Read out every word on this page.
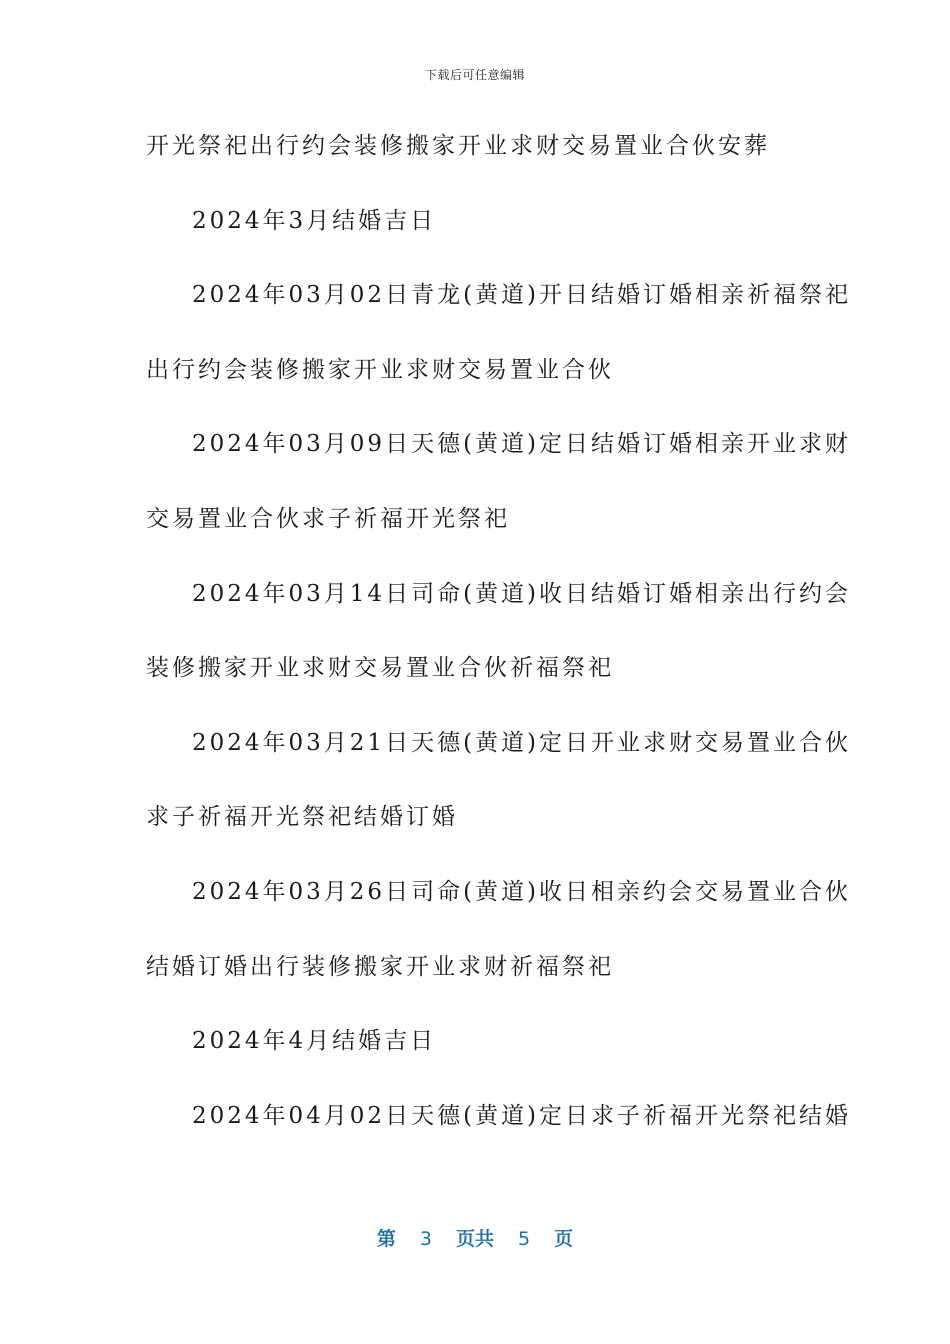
下载后可任意编辑
开光祭祀出行约会装修搬家开业求财交易置业合伙安葬
2024年3月结婚吉日
2024年03月02日青龙(黄道)开日结婚订婚相亲祈福祭祀
出行约会装修搬家开业求财交易置业合伙
2024年03月09日天德(黄道)定日结婚订婚相亲开业求财
交易置业合伙求子祈福开光祭祀
2024年03月14日司命(黄道)收日结婚订婚相亲出行约会
装修搬家开业求财交易置业合伙祈福祭祀
2024年03月21日天德(黄道)定日开业求财交易置业合伙
求子祈福开光祭祀结婚订婚
2024年03月26日司命(黄道)收日相亲约会交易置业合伙
结婚订婚出行装修搬家开业求财祈福祭祀
2024年4月结婚吉日
2024年04月02日天德(黄道)定日求子祈福开光祭祀结婚
第 3 页共 5 页
